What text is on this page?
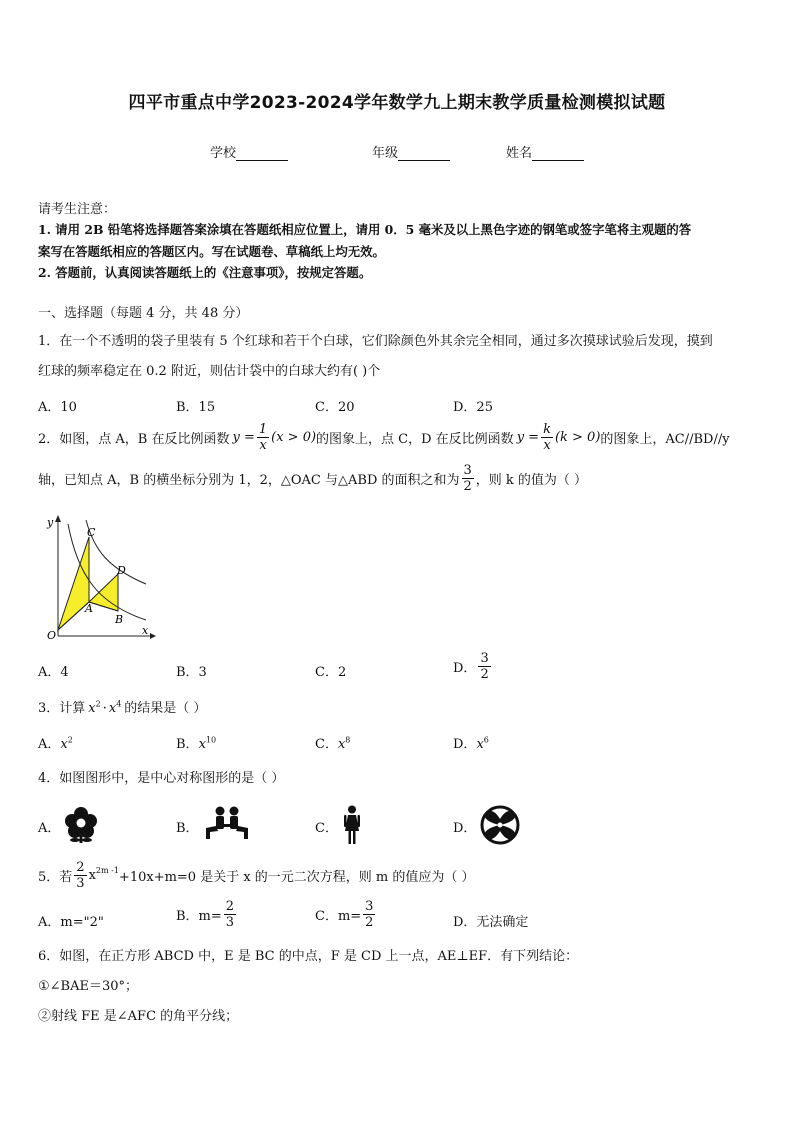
四平市重点中学2023-2024学年数学九上期末教学质量检测模拟试题
学校	年级	姓名
请考生注意：
1. 请用 2B 铅笔将选择题答案涂填在答题纸相应位置上，请用 0．5 毫米及以上黑色字迹的钢笔或签字笔将主观题的答
案写在答题纸相应的答题区内。写在试题卷、草稿纸上均无效。
2. 答题前，认真阅读答题纸上的《注意事项》，按规定答题。
一、选择题（每题 4 分，共 48 分）
1．在一个不透明的袋子里装有 5 个红球和若干个白球，它们除颜色外其余完全相同，通过多次摸球试验后发现，摸到
红球的频率稳定在 0.2 附近，则估计袋中的白球大约有( )个
A．10	B．15	C．20	D．25
2．如图，点 A，B 在反比例函数 $y = \frac{1}{x} (x > 0)$ 的图象上，点 C，D 在反比例函数 $y = \frac{k}{x} (k > 0)$ 的图象上，AC//BD//y
轴，已知点 A，B 的横坐标分别为 1，2，△OAC 与△ABD 的面积之和为 $\frac{3}{2}$ ，则 k 的值为（ ）
y
x
O
A
B
C
D
A．4	B．3	C．2	D． $\frac{3}{2}$
3．计算 $x^2 \cdot x^4$ 的结果是（ ）
A．$x^2$	B．$x^{10}$	C．$x^8$	D．$x^6$
4．如图图形中，是中心对称图形的是（ ）
A．	B．	C．	D．
5．若 $\frac{2}{3} x^{2m -1} +10x+m=0$ 是关于 x 的一元二次方程，则 m 的值应为（ ）
A．m="2"	B．$m= \frac{2}{3}$	C．$m= \frac{3}{2}$	D．无法确定
6．如图，在正方形 ABCD 中，E 是 BC 的中点，F 是 CD 上一点，AE⊥EF．有下列结论：
①∠BAE＝30°；
②射线 FE 是∠AFC 的角平分线；
